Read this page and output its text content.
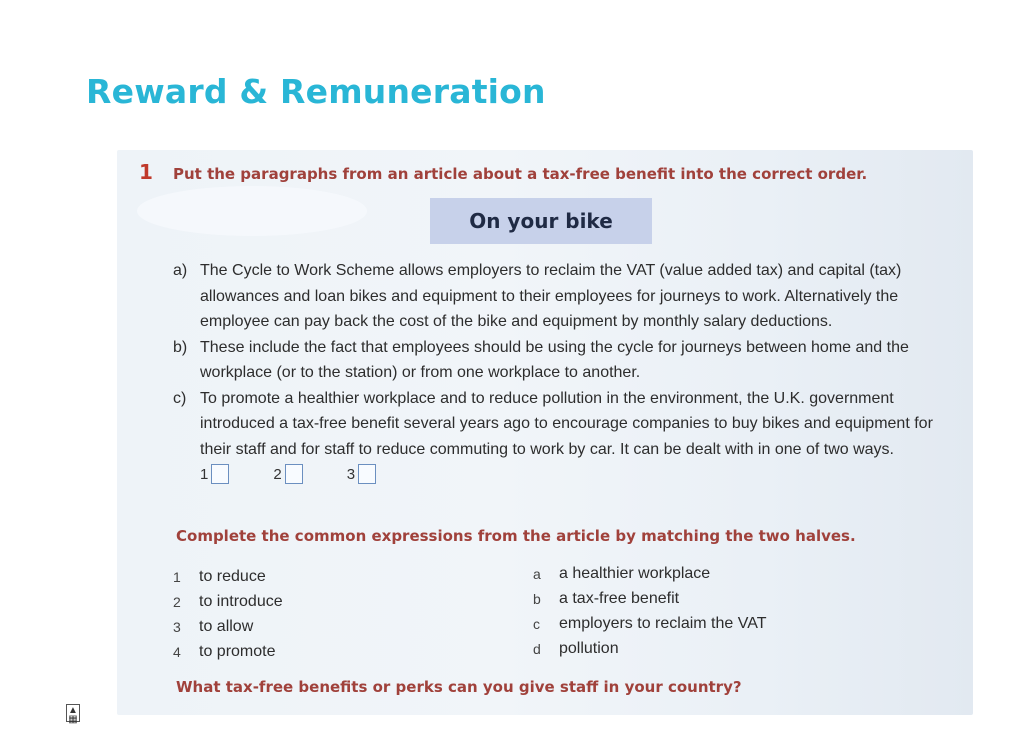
Reward & Remuneration
1	Put the paragraphs from an article about a tax-free benefit into the correct order.
On your bike
a) The Cycle to Work Scheme allows employers to reclaim the VAT (value added tax) and capital (tax) allowances and loan bikes and equipment to their employees for journeys to work. Alternatively the employee can pay back the cost of the bike and equipment by monthly salary deductions.
b) These include the fact that employees should be using the cycle for journeys between home and the workplace (or to the station) or from one workplace to another.
c) To promote a healthier workplace and to reduce pollution in the environment, the U.K. government introduced a tax-free benefit several years ago to encourage companies to buy bikes and equipment for their staff and for staff to reduce commuting to work by car. It can be dealt with in one of two ways.
1	2	3
Complete the common expressions from the article by matching the two halves.
1	to reduce
2	to introduce
3	to allow
4	to promote
a	a healthier workplace
b	a tax-free benefit
c	employers to reclaim the VAT
d	pollution
What tax-free benefits or perks can you give staff in your country?
▲
▦
